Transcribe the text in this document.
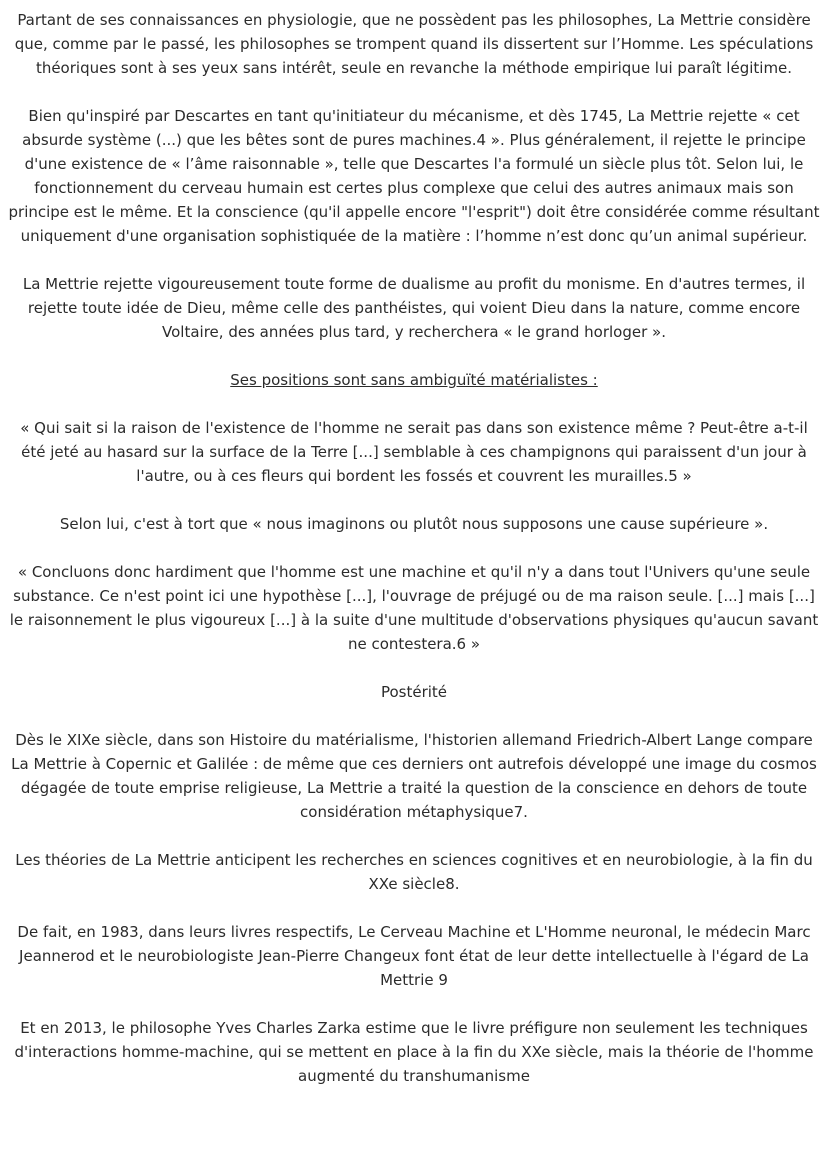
Partant de ses connaissances en physiologie, que ne possèdent pas les philosophes, La Mettrie considère que, comme par le passé, les philosophes se trompent quand ils dissertent sur l’Homme. Les spéculations théoriques sont à ses yeux sans intérêt, seule en revanche la méthode empirique lui paraît légitime.

Bien qu'inspiré par Descartes en tant qu'initiateur du mécanisme, et dès 1745, La Mettrie rejette « cet absurde système (...) que les bêtes sont de pures machines.4 ». Plus généralement, il rejette le principe d'une existence de « l’âme raisonnable », telle que Descartes l'a formulé un siècle plus tôt. Selon lui, le fonctionnement du cerveau humain est certes plus complexe que celui des autres animaux mais son principe est le même. Et la conscience (qu'il appelle encore "l'esprit") doit être considérée comme résultant uniquement d'une organisation sophistiquée de la matière : l’homme n’est donc qu’un animal supérieur.

La Mettrie rejette vigoureusement toute forme de dualisme au profit du monisme. En d'autres termes, il rejette toute idée de Dieu, même celle des panthéistes, qui voient Dieu dans la nature, comme encore Voltaire, des années plus tard, y recherchera « le grand horloger ».

Ses positions sont sans ambiguïté matérialistes :

« Qui sait si la raison de l'existence de l'homme ne serait pas dans son existence même ? Peut-être a-t-il été jeté au hasard sur la surface de la Terre [...] semblable à ces champignons qui paraissent d'un jour à l'autre, ou à ces fleurs qui bordent les fossés et couvrent les murailles.5 »

Selon lui, c'est à tort que « nous imaginons ou plutôt nous supposons une cause supérieure ».

« Concluons donc hardiment que l'homme est une machine et qu'il n'y a dans tout l'Univers qu'une seule substance. Ce n'est point ici une hypothèse [...], l'ouvrage de préjugé ou de ma raison seule. [...] mais [...] le raisonnement le plus vigoureux [...] à la suite d'une multitude d'observations physiques qu'aucun savant ne contestera.6 »

Postérité

Dès le XIXe siècle, dans son Histoire du matérialisme, l'historien allemand Friedrich-Albert Lange compare La Mettrie à Copernic et Galilée : de même que ces derniers ont autrefois développé une image du cosmos dégagée de toute emprise religieuse, La Mettrie a traité la question de la conscience en dehors de toute considération métaphysique7.

Les théories de La Mettrie anticipent les recherches en sciences cognitives et en neurobiologie, à la fin du XXe siècle8.

De fait, en 1983, dans leurs livres respectifs, Le Cerveau Machine et L'Homme neuronal, le médecin Marc Jeannerod et le neurobiologiste Jean-Pierre Changeux font état de leur dette intellectuelle à l'égard de La Mettrie 9

Et en 2013, le philosophe Yves Charles Zarka estime que le livre préfigure non seulement les techniques d'interactions homme-machine, qui se mettent en place à la fin du XXe siècle, mais la théorie de l'homme augmenté du transhumanisme
